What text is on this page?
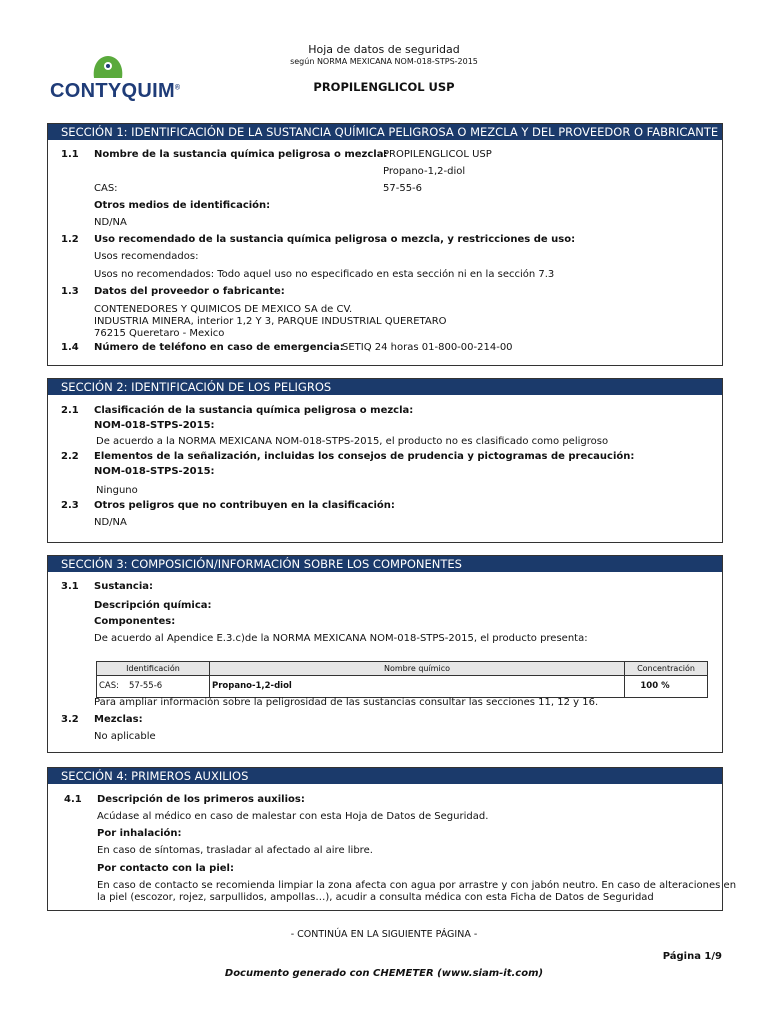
CONTYQUIM®
Hoja de datos de seguridad
según NORMA MEXICANA NOM-018-STPS-2015
PROPILENGLICOL USP
SECCIÓN 1: IDENTIFICACIÓN DE LA SUSTANCIA QUÍMICA PELIGROSA O MEZCLA Y DEL PROVEEDOR O FABRICANTE
1.1 Nombre de la sustancia química peligrosa o mezcla:
PROPILENGLICOL USP
Propano-1,2-diol
CAS:	57-55-6
Otros medios de identificación:
ND/NA
1.2 Uso recomendado de la sustancia química peligrosa o mezcla, y restricciones de uso:
Usos recomendados:
Usos no recomendados: Todo aquel uso no especificado en esta sección ni en la sección 7.3
1.3 Datos del proveedor o fabricante:
CONTENEDORES Y QUIMICOS DE MEXICO SA de CV.
INDUSTRIA MINERA, interior 1,2 Y 3, PARQUE INDUSTRIAL QUERETARO
76215 Queretaro - Mexico
1.4 Número de teléfono en caso de emergencia:
SETIQ 24 horas 01-800-00-214-00
SECCIÓN 2: IDENTIFICACIÓN DE LOS PELIGROS
2.1 Clasificación de la sustancia química peligrosa o mezcla:
NOM-018-STPS-2015:
De acuerdo a la NORMA MEXICANA NOM-018-STPS-2015, el producto no es clasificado como peligroso
2.2 Elementos de la señalización, incluidas los consejos de prudencia y pictogramas de precaución:
NOM-018-STPS-2015:
Ninguno
2.3 Otros peligros que no contribuyen en la clasificación:
ND/NA
SECCIÓN 3: COMPOSICIÓN/INFORMACIÓN SOBRE LOS COMPONENTES
3.1 Sustancia:
Descripción química:
Componentes:
De acuerdo al Apendice E.3.c)de la NORMA MEXICANA NOM-018-STPS-2015, el producto presenta:
Identificación	Nombre químico	Concentración
CAS: 57-55-6	Propano-1,2-diol	100 %
Para ampliar información sobre la peligrosidad de las sustancias consultar las secciones 11, 12 y 16.
3.2 Mezclas:
No aplicable
SECCIÓN 4: PRIMEROS AUXILIOS
4.1 Descripción de los primeros auxilios:
Acúdase al médico en caso de malestar con esta Hoja de Datos de Seguridad.
Por inhalación:
En caso de síntomas, trasladar al afectado al aire libre.
Por contacto con la piel:
En caso de contacto se recomienda limpiar la zona afecta con agua por arrastre y con jabón neutro. En caso de alteraciones en
la piel (escozor, rojez, sarpullidos, ampollas…), acudir a consulta médica con esta Ficha de Datos de Seguridad
- CONTINÚA EN LA SIGUIENTE PÁGINA -
Página 1/9
Documento generado con CHEMETER (www.siam-it.com)
